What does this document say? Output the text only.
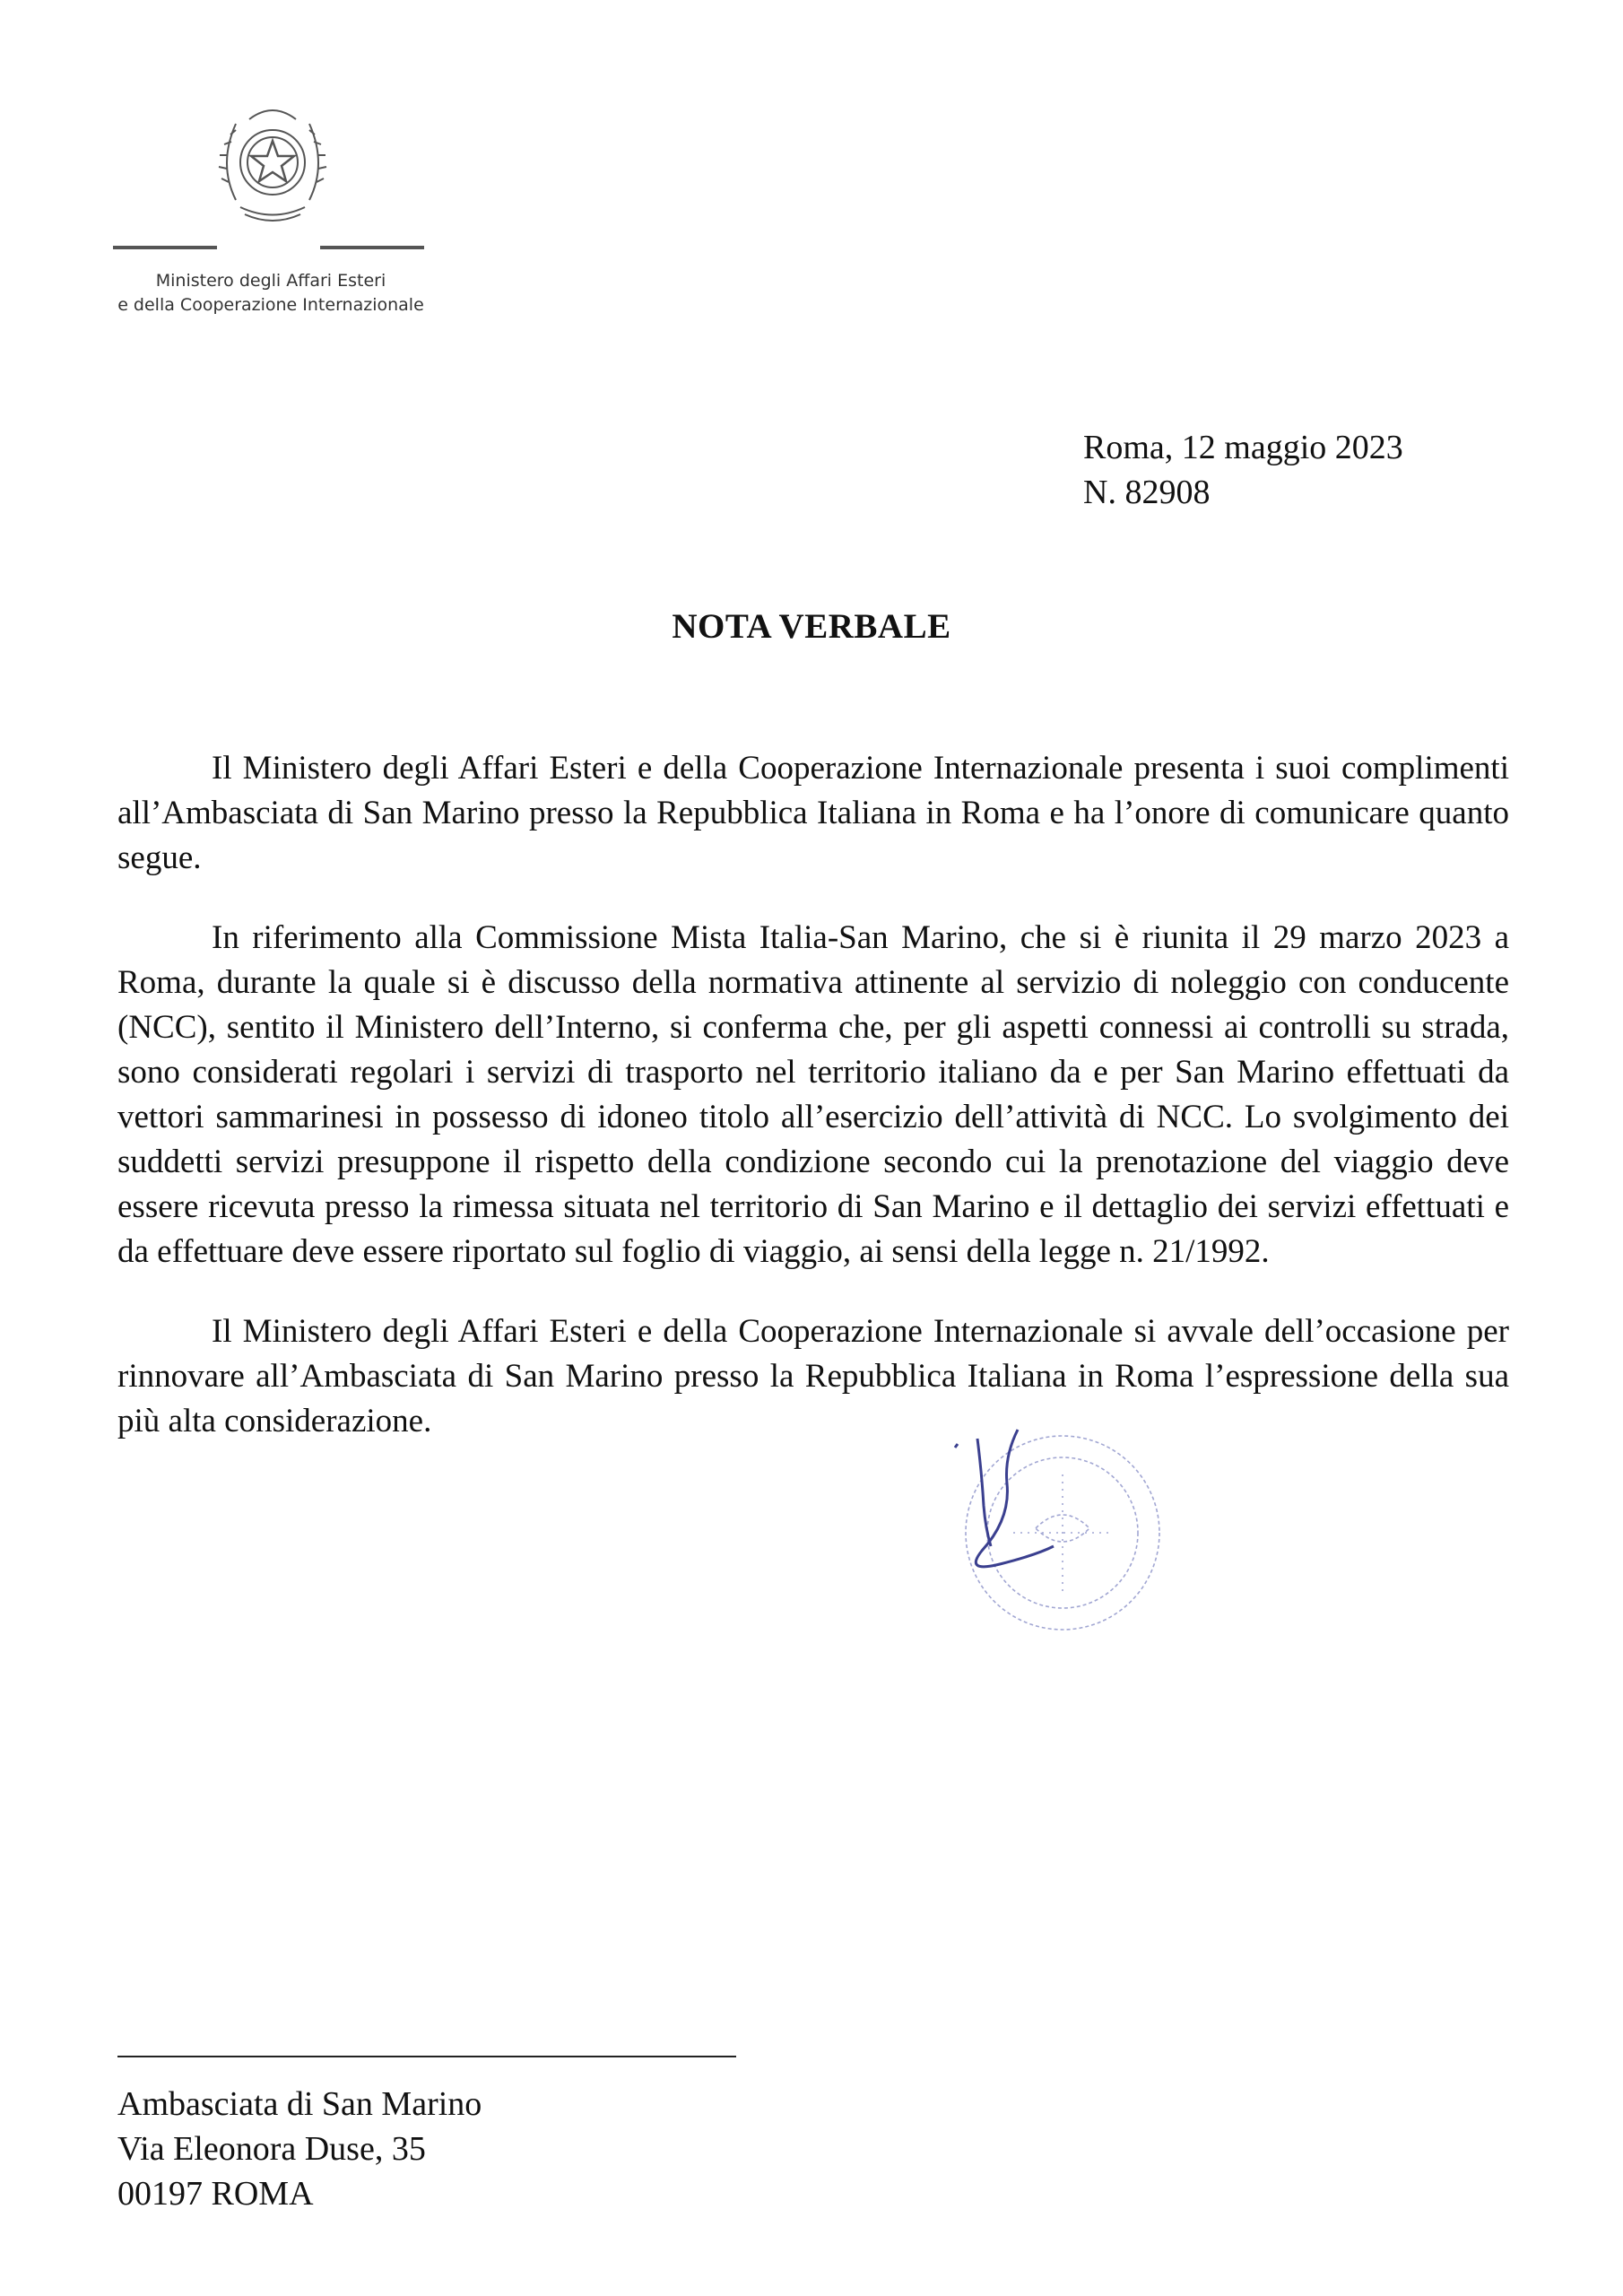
Ministero degli Affari Esteri
e della Cooperazione Internazionale
Roma, 12 maggio 2023
N. 82908
NOTA VERBALE

Il Ministero degli Affari Esteri e della Cooperazione Internazionale presenta i suoi complimenti all’Ambasciata di San Marino presso la Repubblica Italiana in Roma e ha l’onore di comunicare quanto segue.

In riferimento alla Commissione Mista Italia-San Marino, che si è riunita il 29 marzo 2023 a Roma, durante la quale si è discusso della normativa attinente al servizio di noleggio con conducente (NCC), sentito il Ministero dell’Interno, si conferma che, per gli aspetti connessi ai controlli su strada, sono considerati regolari i servizi di trasporto nel territorio italiano da e per San Marino effettuati da vettori sammarinesi in possesso di idoneo titolo all’esercizio dell’attività di NCC. Lo svolgimento dei suddetti servizi presuppone il rispetto della condizione secondo cui la prenotazione del viaggio deve essere ricevuta presso la rimessa situata nel territorio di San Marino e il dettaglio dei servizi effettuati e da effettuare deve essere riportato sul foglio di viaggio, ai sensi della legge n. 21/1992.

Il Ministero degli Affari Esteri e della Cooperazione Internazionale si avvale dell’occasione per rinnovare all’Ambasciata di San Marino presso la Repubblica Italiana in Roma l’espressione della sua più alta considerazione.

Ambasciata di San Marino
Via Eleonora Duse, 35
00197 ROMA
